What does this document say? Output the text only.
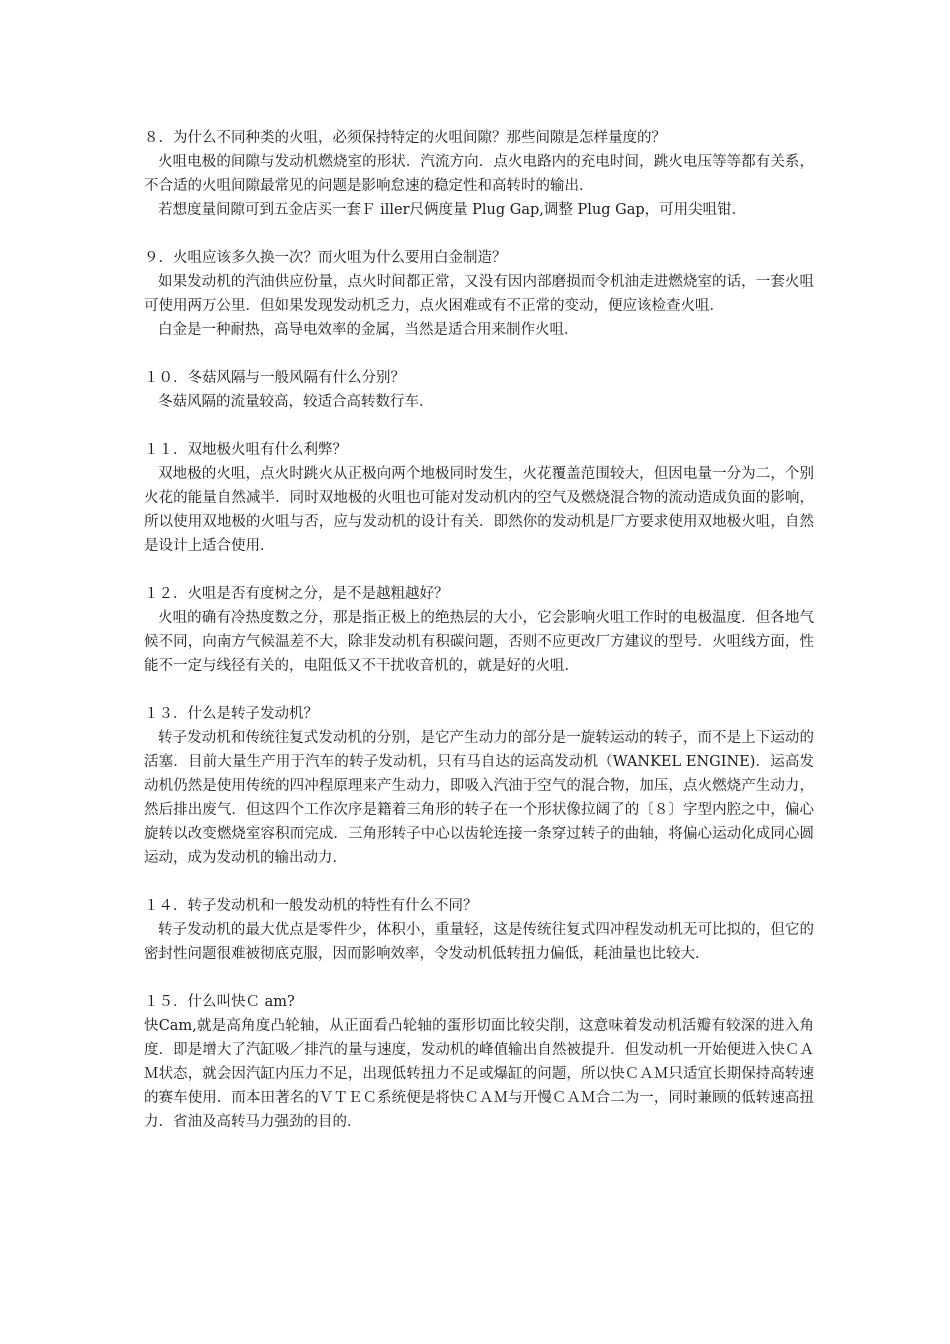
８．为什么不同种类的火咀，必须保持特定的火咀间隙？那些间隙是怎样量度的？

火咀电极的间隙与发动机燃烧室的形状．汽流方向．点火电路内的充电时间，跳火电压等等都有关系，不合适的火咀间隙最常见的问题是影响怠速的稳定性和高转时的输出．

若想度量间隙可到五金店买一套Ｆ iller尺俩度量 Plug Gap,调整 Plug Gap，可用尖咀钳．

９．火咀应该多久换一次？而火咀为什么要用白金制造？

如果发动机的汽油供应份量，点火时间都正常，又没有因内部磨损而令机油走进燃烧室的话，一套火咀可使用两万公里．但如果发现发动机乏力，点火困难或有不正常的变动，便应该检查火咀．

白金是一种耐热，高导电效率的金属，当然是适合用来制作火咀．

１０．冬菇风隔与一般风隔有什么分别？

冬菇风隔的流量较高，较适合高转数行车．

１１．双地极火咀有什么利弊？

双地极的火咀，点火时跳火从正极向两个地极同时发生，火花覆盖范围较大，但因电量一分为二，个别火花的能量自然减半．同时双地极的火咀也可能对发动机内的空气及燃烧混合物的流动造成负面的影响，所以使用双地极的火咀与否，应与发动机的设计有关．即然你的发动机是厂方要求使用双地极火咀，自然是设计上适合使用．

１２．火咀是否有度树之分，是不是越粗越好？

火咀的确有冷热度数之分，那是指正极上的绝热层的大小，它会影响火咀工作时的电极温度．但各地气候不同，向南方气候温差不大，除非发动机有积碳问题，否则不应更改厂方建议的型号．火咀线方面，性能不一定与线径有关的，电阻低又不干扰收音机的，就是好的火咀．

１３．什么是转子发动机？

转子发动机和传统往复式发动机的分别，是它产生动力的部分是一旋转运动的转子，而不是上下运动的活塞．目前大量生产用于汽车的转子发动机，只有马自达的运高发动机（WANKEL ENGINE)．运高发动机仍然是使用传统的四冲程原理来产生动力，即吸入汽油于空气的混合物，加压，点火燃烧产生动力，然后排出废气．但这四个工作次序是籍着三角形的转子在一个形状像拉阔了的〔８〕字型内腔之中，偏心旋转以改变燃烧室容积而完成．三角形转子中心以齿轮连接一条穿过转子的曲轴，将偏心运动化成同心圆运动，成为发动机的输出动力．

１４．转子发动机和一般发动机的特性有什么不同？

转子发动机的最大优点是零件少，体积小，重量轻，这是传统往复式四冲程发动机无可比拟的，但它的密封性问题很难被彻底克服，因而影响效率，令发动机低转扭力偏低，耗油量也比较大．

１５．什么叫快Ｃ am?

快Cam,就是高角度凸轮轴，从正面看凸轮轴的蛋形切面比较尖削，这意味着发动机活瓣有较深的进入角度．即是增大了汽缸吸／排汽的量与速度，发动机的峰值输出自然被提升．但发动机一开始便进入快ＣＡＭ状态，就会因汽缸内压力不足，出现低转扭力不足或爆缸的问题，所以快ＣＡＭ只适宜长期保持高转速的赛车使用．而本田著名的ＶＴＥＣ系统便是将快ＣＡＭ与开慢ＣＡＭ合二为一，同时兼顾的低转速高扭力．省油及高转马力强劲的目的．
